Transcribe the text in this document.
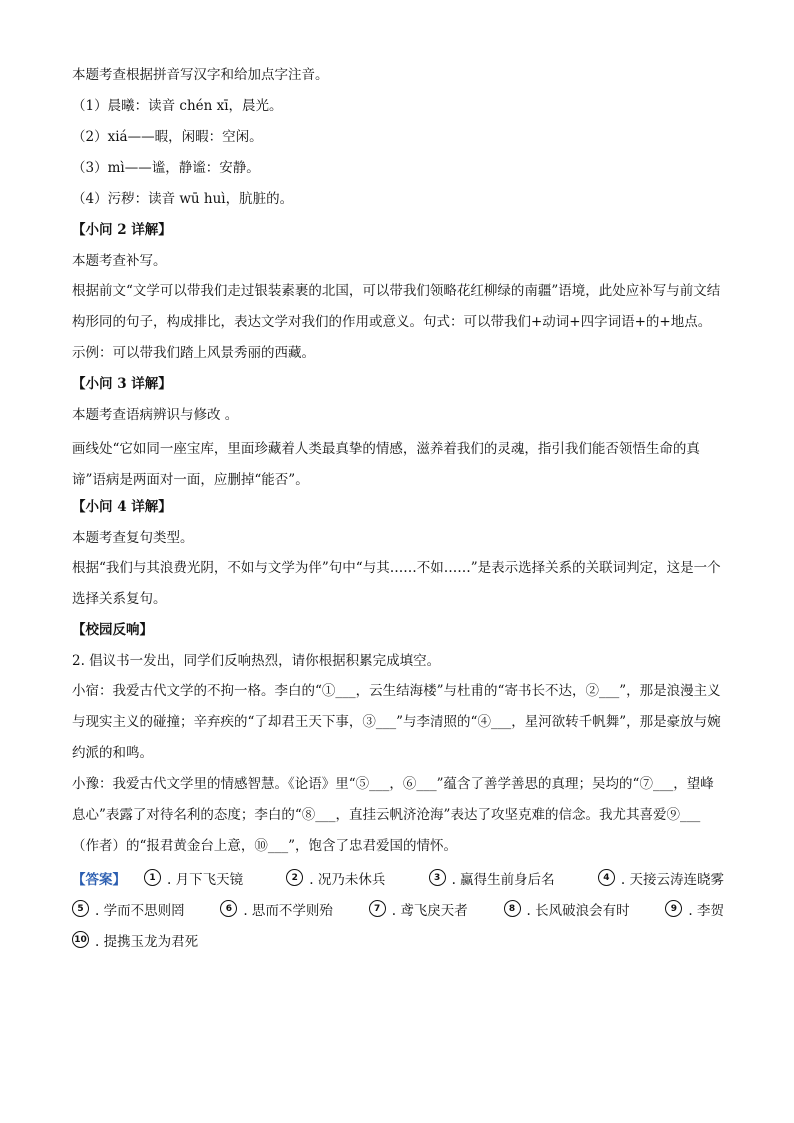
本题考查根据拼音写汉字和给加点字注音。

（1）晨曦：读音 chén xī，晨光。

（2）xiá——暇，闲暇：空闲。

（3）mì——谧，静谧：安静。

（4）污秽：读音 wū huì，肮脏的。

【小问 2 详解】

本题考查补写。

根据前文“文学可以带我们走过银装素裹的北国，可以带我们领略花红柳绿的南疆”语境，此处应补写与前文结构形同的句子，构成排比，表达文学对我们的作用或意义。句式：可以带我们+动词+四字词语+的+地点。

示例：可以带我们踏上风景秀丽的西藏。

【小问 3 详解】

本题考查语病辨识与修改 。

画线处“它如同一座宝库，里面珍藏着人类最真挚的情感，滋养着我们的灵魂，指引我们能否领悟生命的真谛”语病是两面对一面，应删掉“能否”。

【小问 4 详解】

本题考查复句类型。

根据“我们与其浪费光阴，不如与文学为伴”句中“与其……不如……”是表示选择关系的关联词判定，这是一个选择关系复句。

【校园反响】

2. 倡议书一发出，同学们反响热烈，请你根据积累完成填空。

小宿：我爱古代文学的不拘一格。李白的“①___，云生结海楼”与杜甫的“寄书长不达，②___”，那是浪漫主义与现实主义的碰撞；辛弃疾的“了却君王天下事，③___”与李清照的“④___，星河欲转千帆舞”，那是豪放与婉约派的和鸣。

小豫：我爱古代文学里的情感智慧。《论语》里“⑤___，⑥___”蕴含了善学善思的真理；吴均的“⑦___，望峰息心”表露了对待名利的态度；李白的“⑧___，直挂云帆济沧海”表达了攻坚克难的信念。我尤其喜爱⑨___（作者）的“报君黄金台上意，⑩___”，饱含了忠君爱国的情怀。

【答案】	1 . 月下飞天镜	2 . 况乃未休兵	3 . 赢得生前身后名	4 . 天接云涛连晓雾
5 . 学而不思则罔	6 . 思而不学则殆	7 . 鸢飞戾天者	8 . 长风破浪会有时	9 . 李贺
10 . 提携玉龙为君死
